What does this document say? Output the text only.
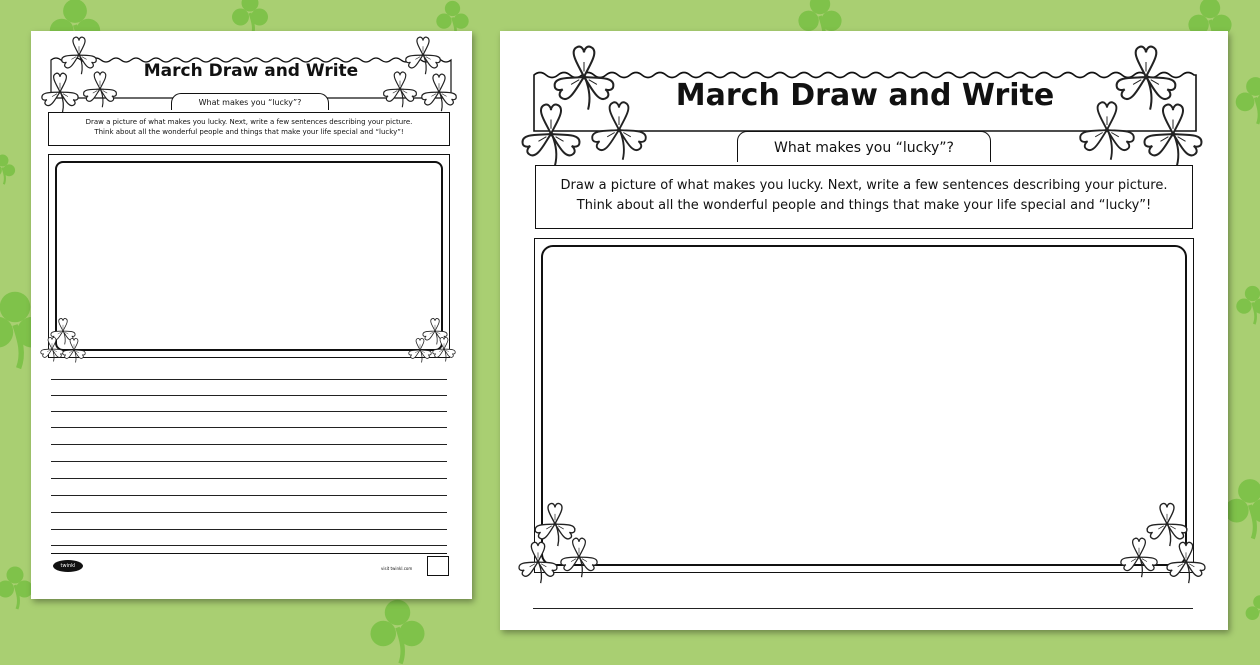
March Draw and Write
What makes you “lucky”?
Draw a picture of what makes you lucky. Next, write a few sentences describing your picture.
Think about all the wonderful people and things that make your life special and “lucky”!
twinkl	visit twinkl.com
March Draw and Write
What makes you “lucky”?
Draw a picture of what makes you lucky. Next, write a few sentences describing your picture.
Think about all the wonderful people and things that make your life special and “lucky”!
